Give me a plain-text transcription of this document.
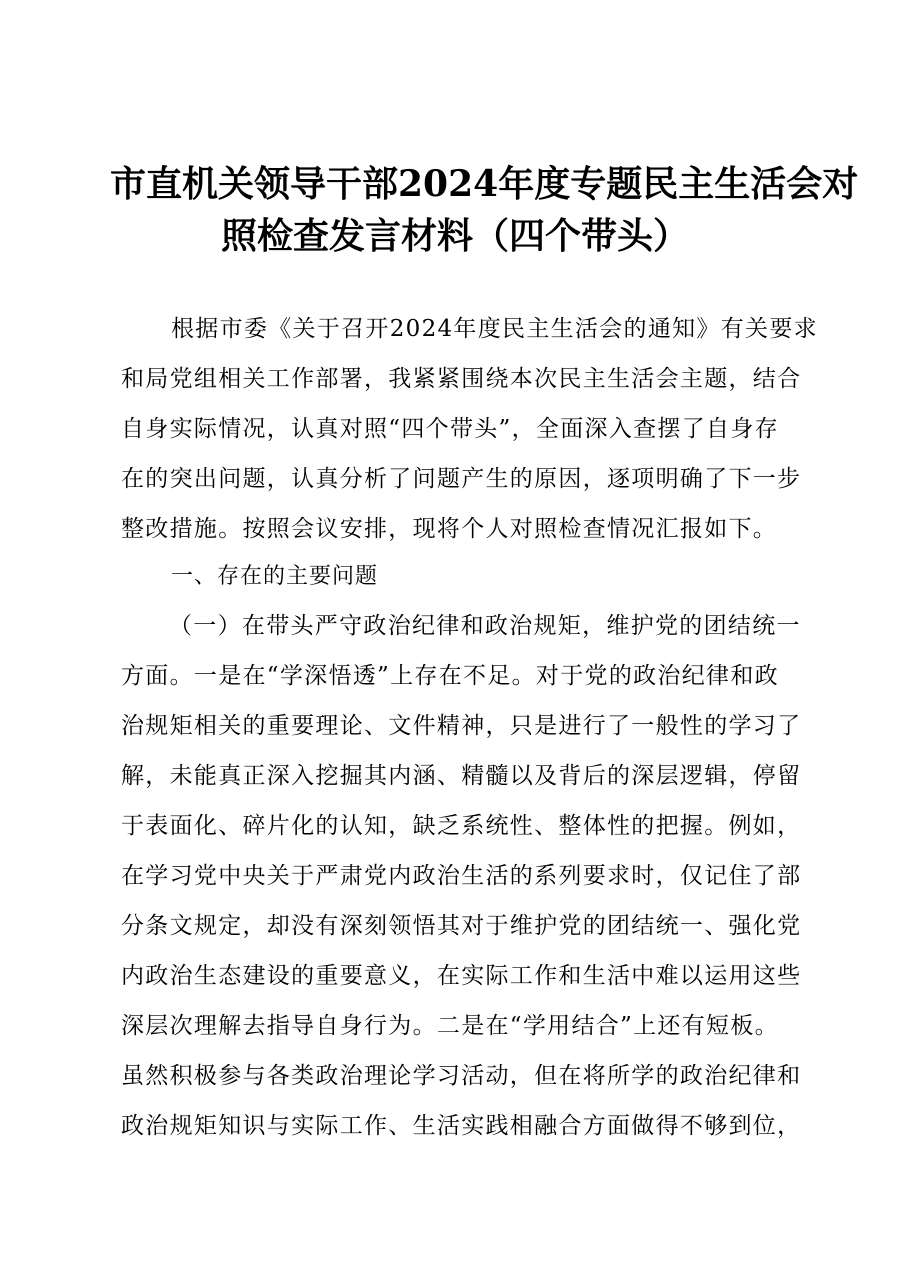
市直机关领导干部2024年度专题民主生活会对
照检查发言材料（四个带头）
根据市委《关于召开2024年度民主生活会的通知》有关要求
和局党组相关工作部署，我紧紧围绕本次民主生活会主题，结合
自身实际情况，认真对照“四个带头”，全面深入查摆了自身存
在的突出问题，认真分析了问题产生的原因，逐项明确了下一步
整改措施。按照会议安排，现将个人对照检查情况汇报如下。
一、存在的主要问题
（一）在带头严守政治纪律和政治规矩，维护党的团结统一
方面。一是在“学深悟透”上存在不足。对于党的政治纪律和政
治规矩相关的重要理论、文件精神，只是进行了一般性的学习了
解，未能真正深入挖掘其内涵、精髓以及背后的深层逻辑，停留
于表面化、碎片化的认知，缺乏系统性、整体性的把握。例如，
在学习党中央关于严肃党内政治生活的系列要求时，仅记住了部
分条文规定，却没有深刻领悟其对于维护党的团结统一、强化党
内政治生态建设的重要意义，在实际工作和生活中难以运用这些
深层次理解去指导自身行为。二是在“学用结合”上还有短板。
虽然积极参与各类政治理论学习活动，但在将所学的政治纪律和
政治规矩知识与实际工作、生活实践相融合方面做得不够到位，
